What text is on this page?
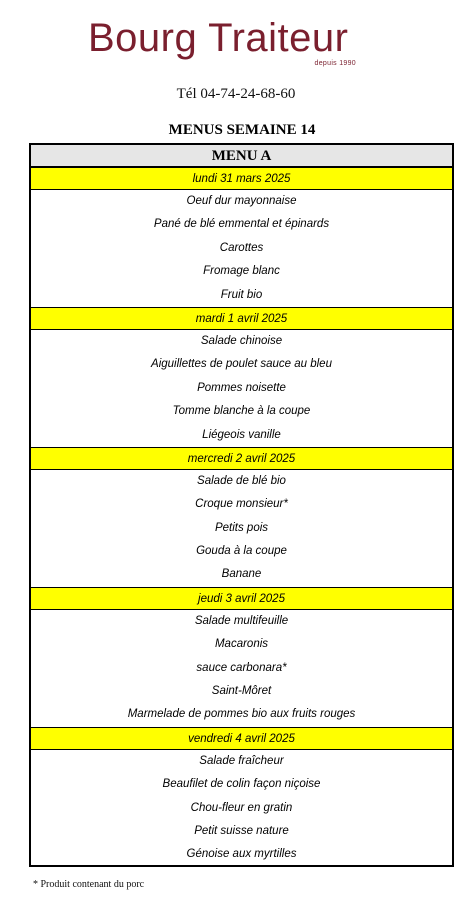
Bourg Traiteur
depuis 1990
Tél 04-74-24-68-60
MENUS SEMAINE 14
MENU A
lundi 31 mars 2025
Oeuf dur mayonnaise
Pané de blé emmental et épinards
Carottes
Fromage blanc
Fruit bio
mardi 1 avril 2025
Salade chinoise
Aiguillettes de poulet sauce au bleu
Pommes noisette
Tomme blanche à la coupe
Liégeois vanille
mercredi 2 avril 2025
Salade de blé bio
Croque monsieur*
Petits pois
Gouda à la coupe
Banane
jeudi 3 avril 2025
Salade multifeuille
Macaronis
sauce carbonara*
Saint-Môret
Marmelade de pommes bio aux fruits rouges
vendredi 4 avril 2025
Salade fraîcheur
Beaufilet de colin façon niçoise
Chou-fleur en gratin
Petit suisse nature
Génoise aux myrtilles
* Produit contenant du porc
